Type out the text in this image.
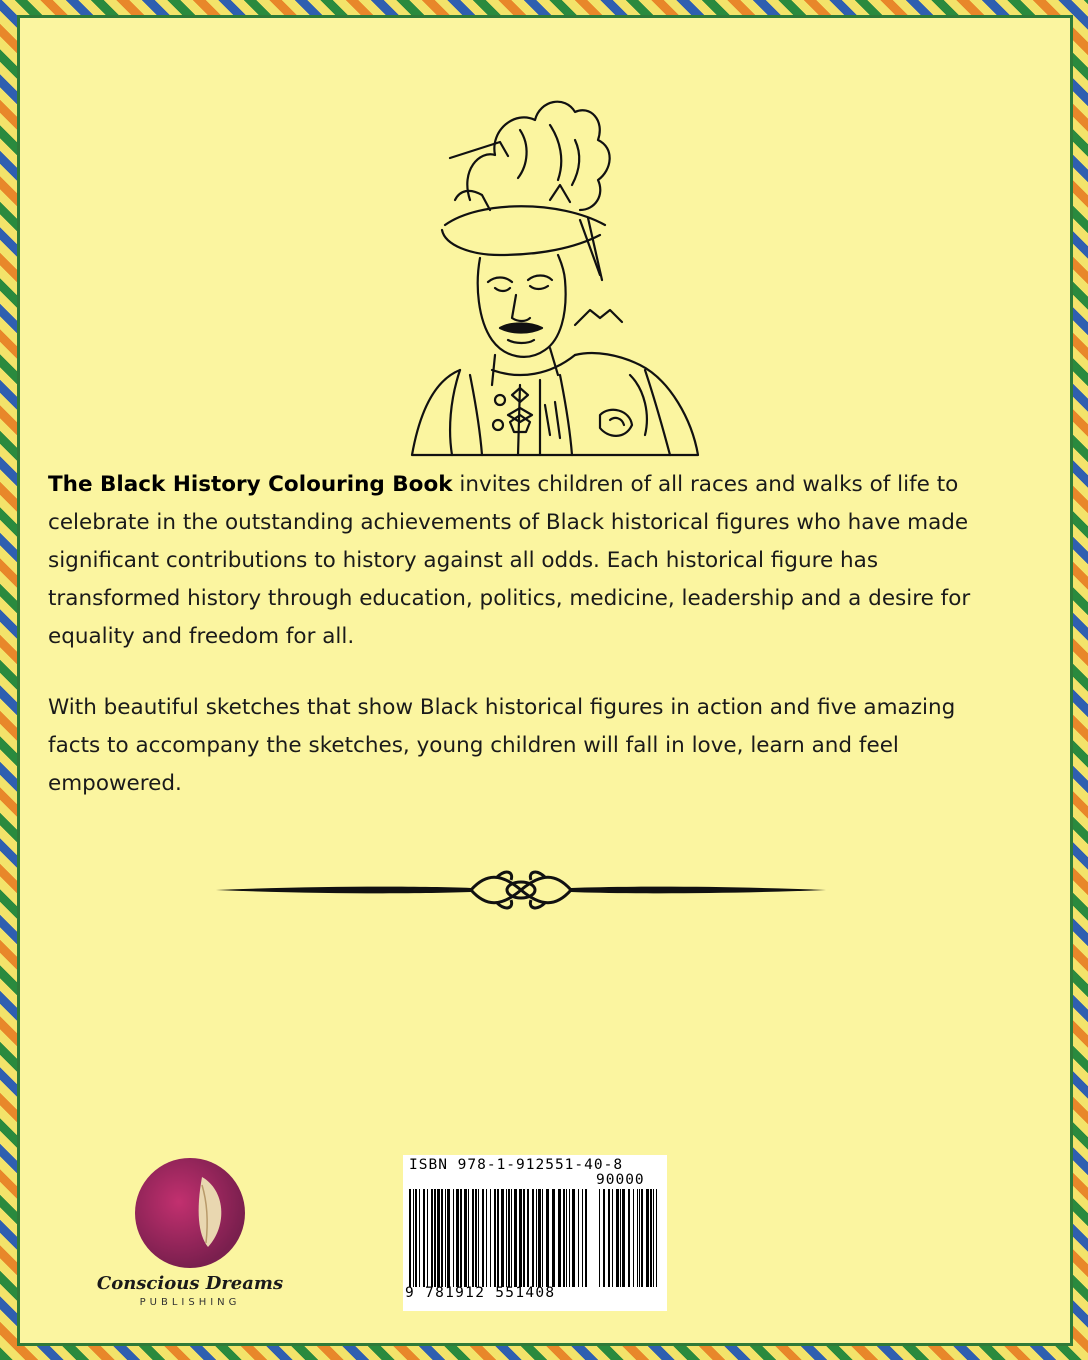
The Black History Colouring Book invites children of all races and walks of life to celebrate in the outstanding achievements of Black historical figures who have made significant contributions to history against all odds. Each historical figure has transformed history through education, politics, medicine, leadership and a desire for equality and freedom for all.

With beautiful sketches that show Black historical figures in action and five amazing facts to accompany the sketches, young children will fall in love, learn and feel empowered.

Conscious Dreams
PUBLISHING
ISBN 978-1-912551-40-8
90000
9 781912 551408
